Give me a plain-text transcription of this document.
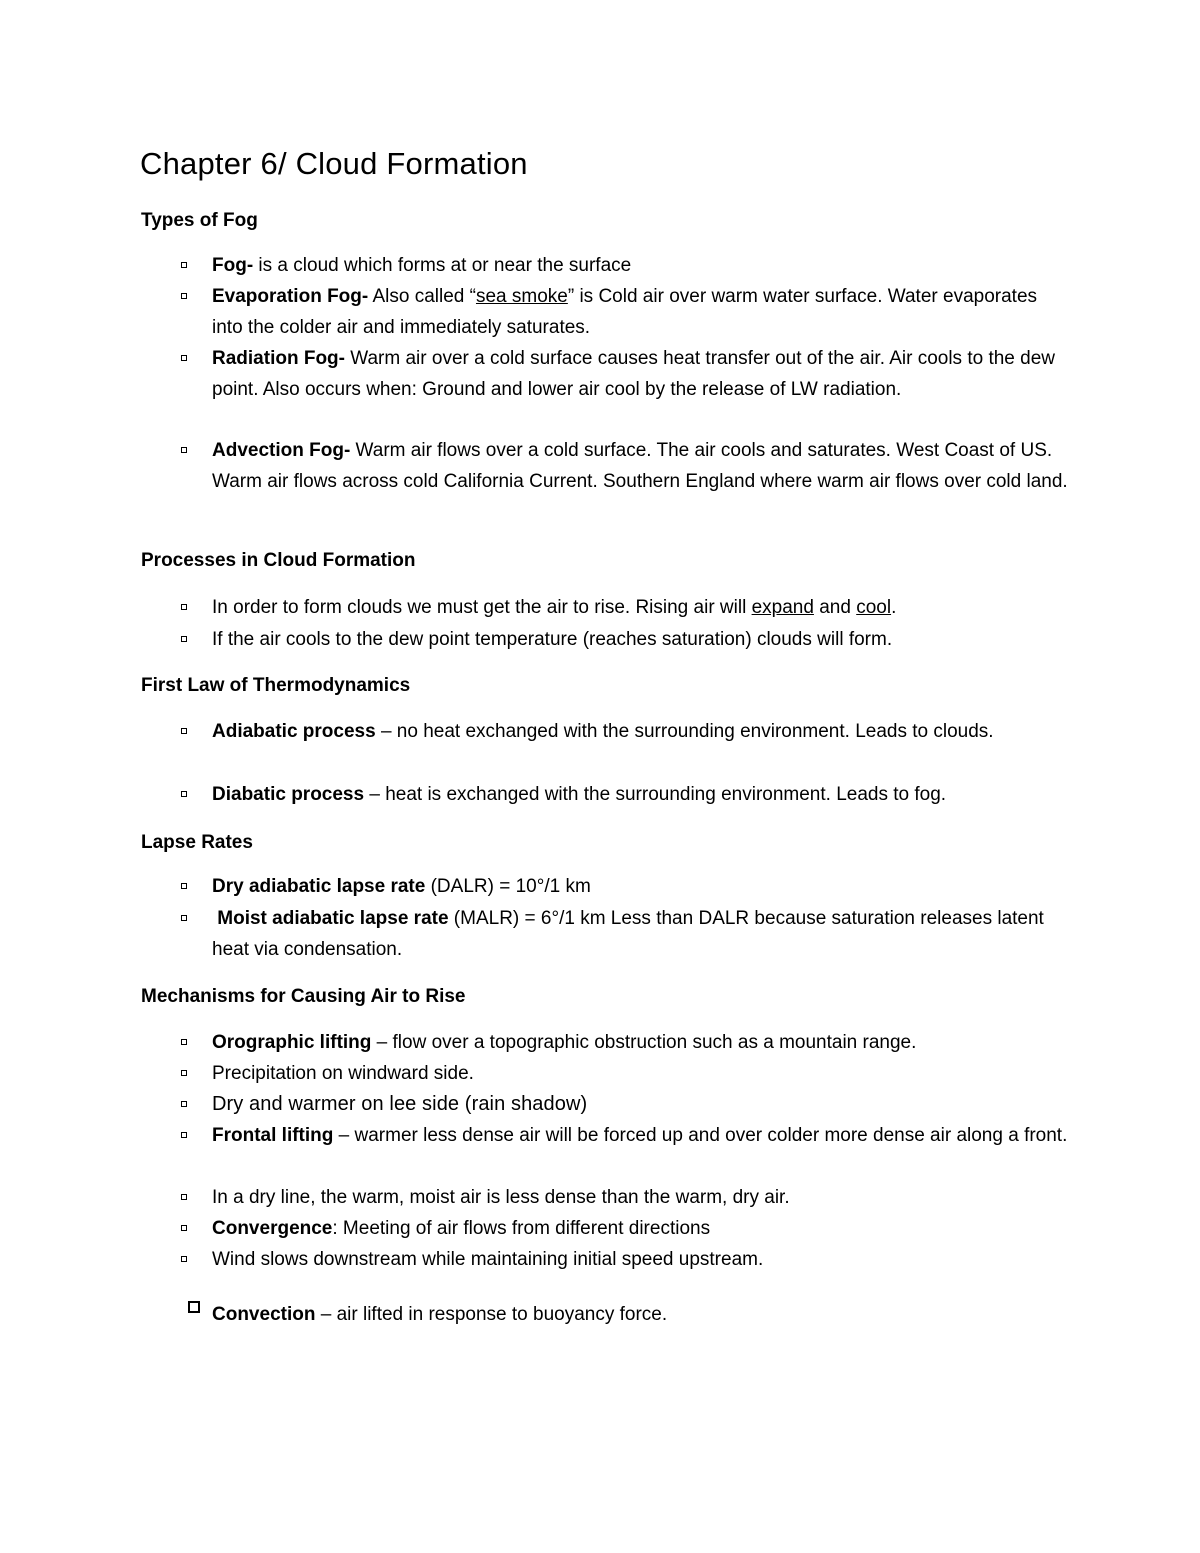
Chapter 6/ Cloud Formation
Types of Fog
Fog- is a cloud which forms at or near the surface
Evaporation Fog- Also called “sea smoke” is Cold air over warm water surface. Water evaporates into the colder air and immediately saturates.
Radiation Fog- Warm air over a cold surface causes heat transfer out of the air. Air cools to the dew point. Also occurs when: Ground and lower air cool by the release of LW radiation.
Advection Fog- Warm air flows over a cold surface. The air cools and saturates. West Coast of US. Warm air flows across cold California Current. Southern England where warm air flows over cold land.
Processes in Cloud Formation
In order to form clouds we must get the air to rise. Rising air will expand and cool.
If the air cools to the dew point temperature (reaches saturation) clouds will form.
First Law of Thermodynamics
Adiabatic process – no heat exchanged with the surrounding environment. Leads to clouds.
Diabatic process – heat is exchanged with the surrounding environment. Leads to fog.
Lapse Rates
Dry adiabatic lapse rate (DALR) = 10°/1 km
Moist adiabatic lapse rate (MALR) = 6°/1 km Less than DALR because saturation releases latent heat via condensation.
Mechanisms for Causing Air to Rise
Orographic lifting – flow over a topographic obstruction such as a mountain range.
Precipitation on windward side.
Dry and warmer on lee side (rain shadow)
Frontal lifting – warmer less dense air will be forced up and over colder more dense air along a front.
In a dry line, the warm, moist air is less dense than the warm, dry air.
Convergence: Meeting of air flows from different directions
Wind slows downstream while maintaining initial speed upstream.
Convection – air lifted in response to buoyancy force.
